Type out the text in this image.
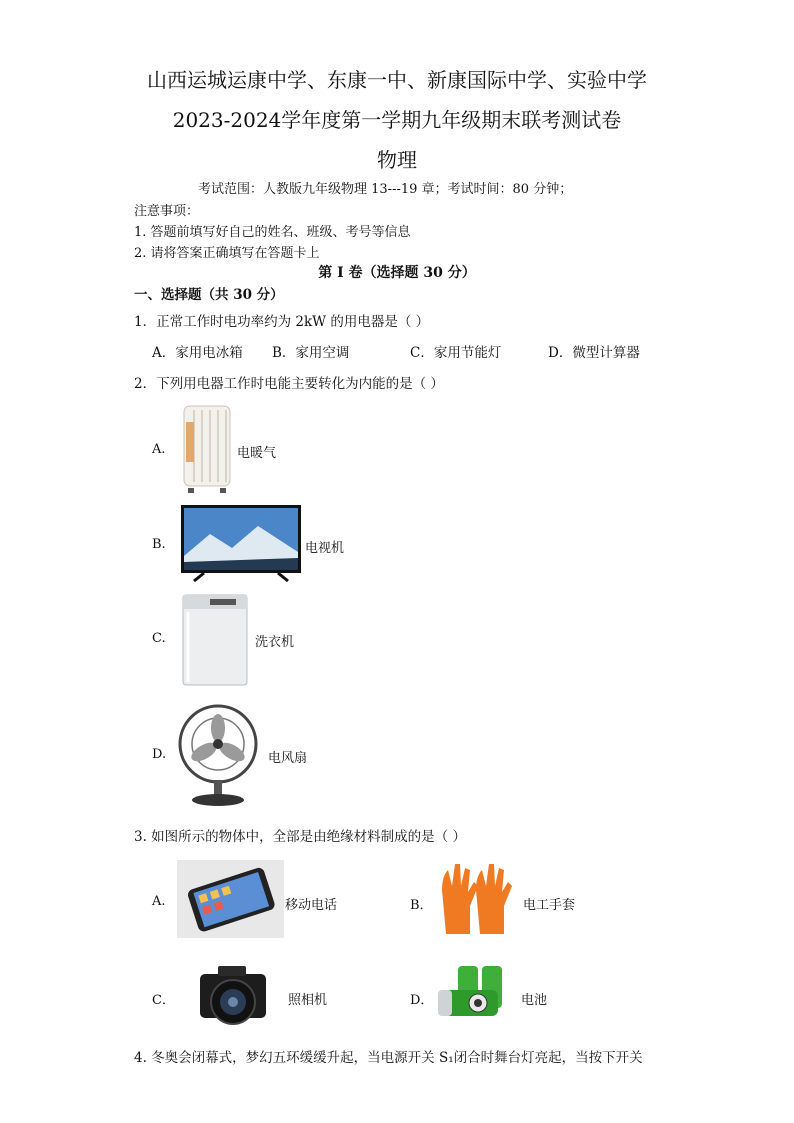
山西运城运康中学、东康一中、新康国际中学、实验中学
2023-2024学年度第一学期九年级期末联考测试卷
物理
考试范围：人教版九年级物理 13---19 章；考试时间：80 分钟；
注意事项：
1. 答题前填写好自己的姓名、班级、考号等信息
2. 请将答案正确填写在答题卡上
第 I 卷（选择题 30 分）
一、选择题（共 30 分）
1．正常工作时电功率约为 2kW 的用电器是（ ）
A．家用电冰箱 B．家用空调	C．家用节能灯	D．微型计算器
2．下列用电器工作时电能主要转化为内能的是（ ）
A.	电暖气
B.	电视机
C.	洗衣机
D.	电风扇
3. 如图所示的物体中，全部是由绝缘材料制成的是（ ）
A.	移动电话	B．	电工手套
C．	照相机	D．	电池
4. 冬奥会闭幕式，梦幻五环缓缓升起，当电源开关 S₁闭合时舞台灯亮起，当按下开关
